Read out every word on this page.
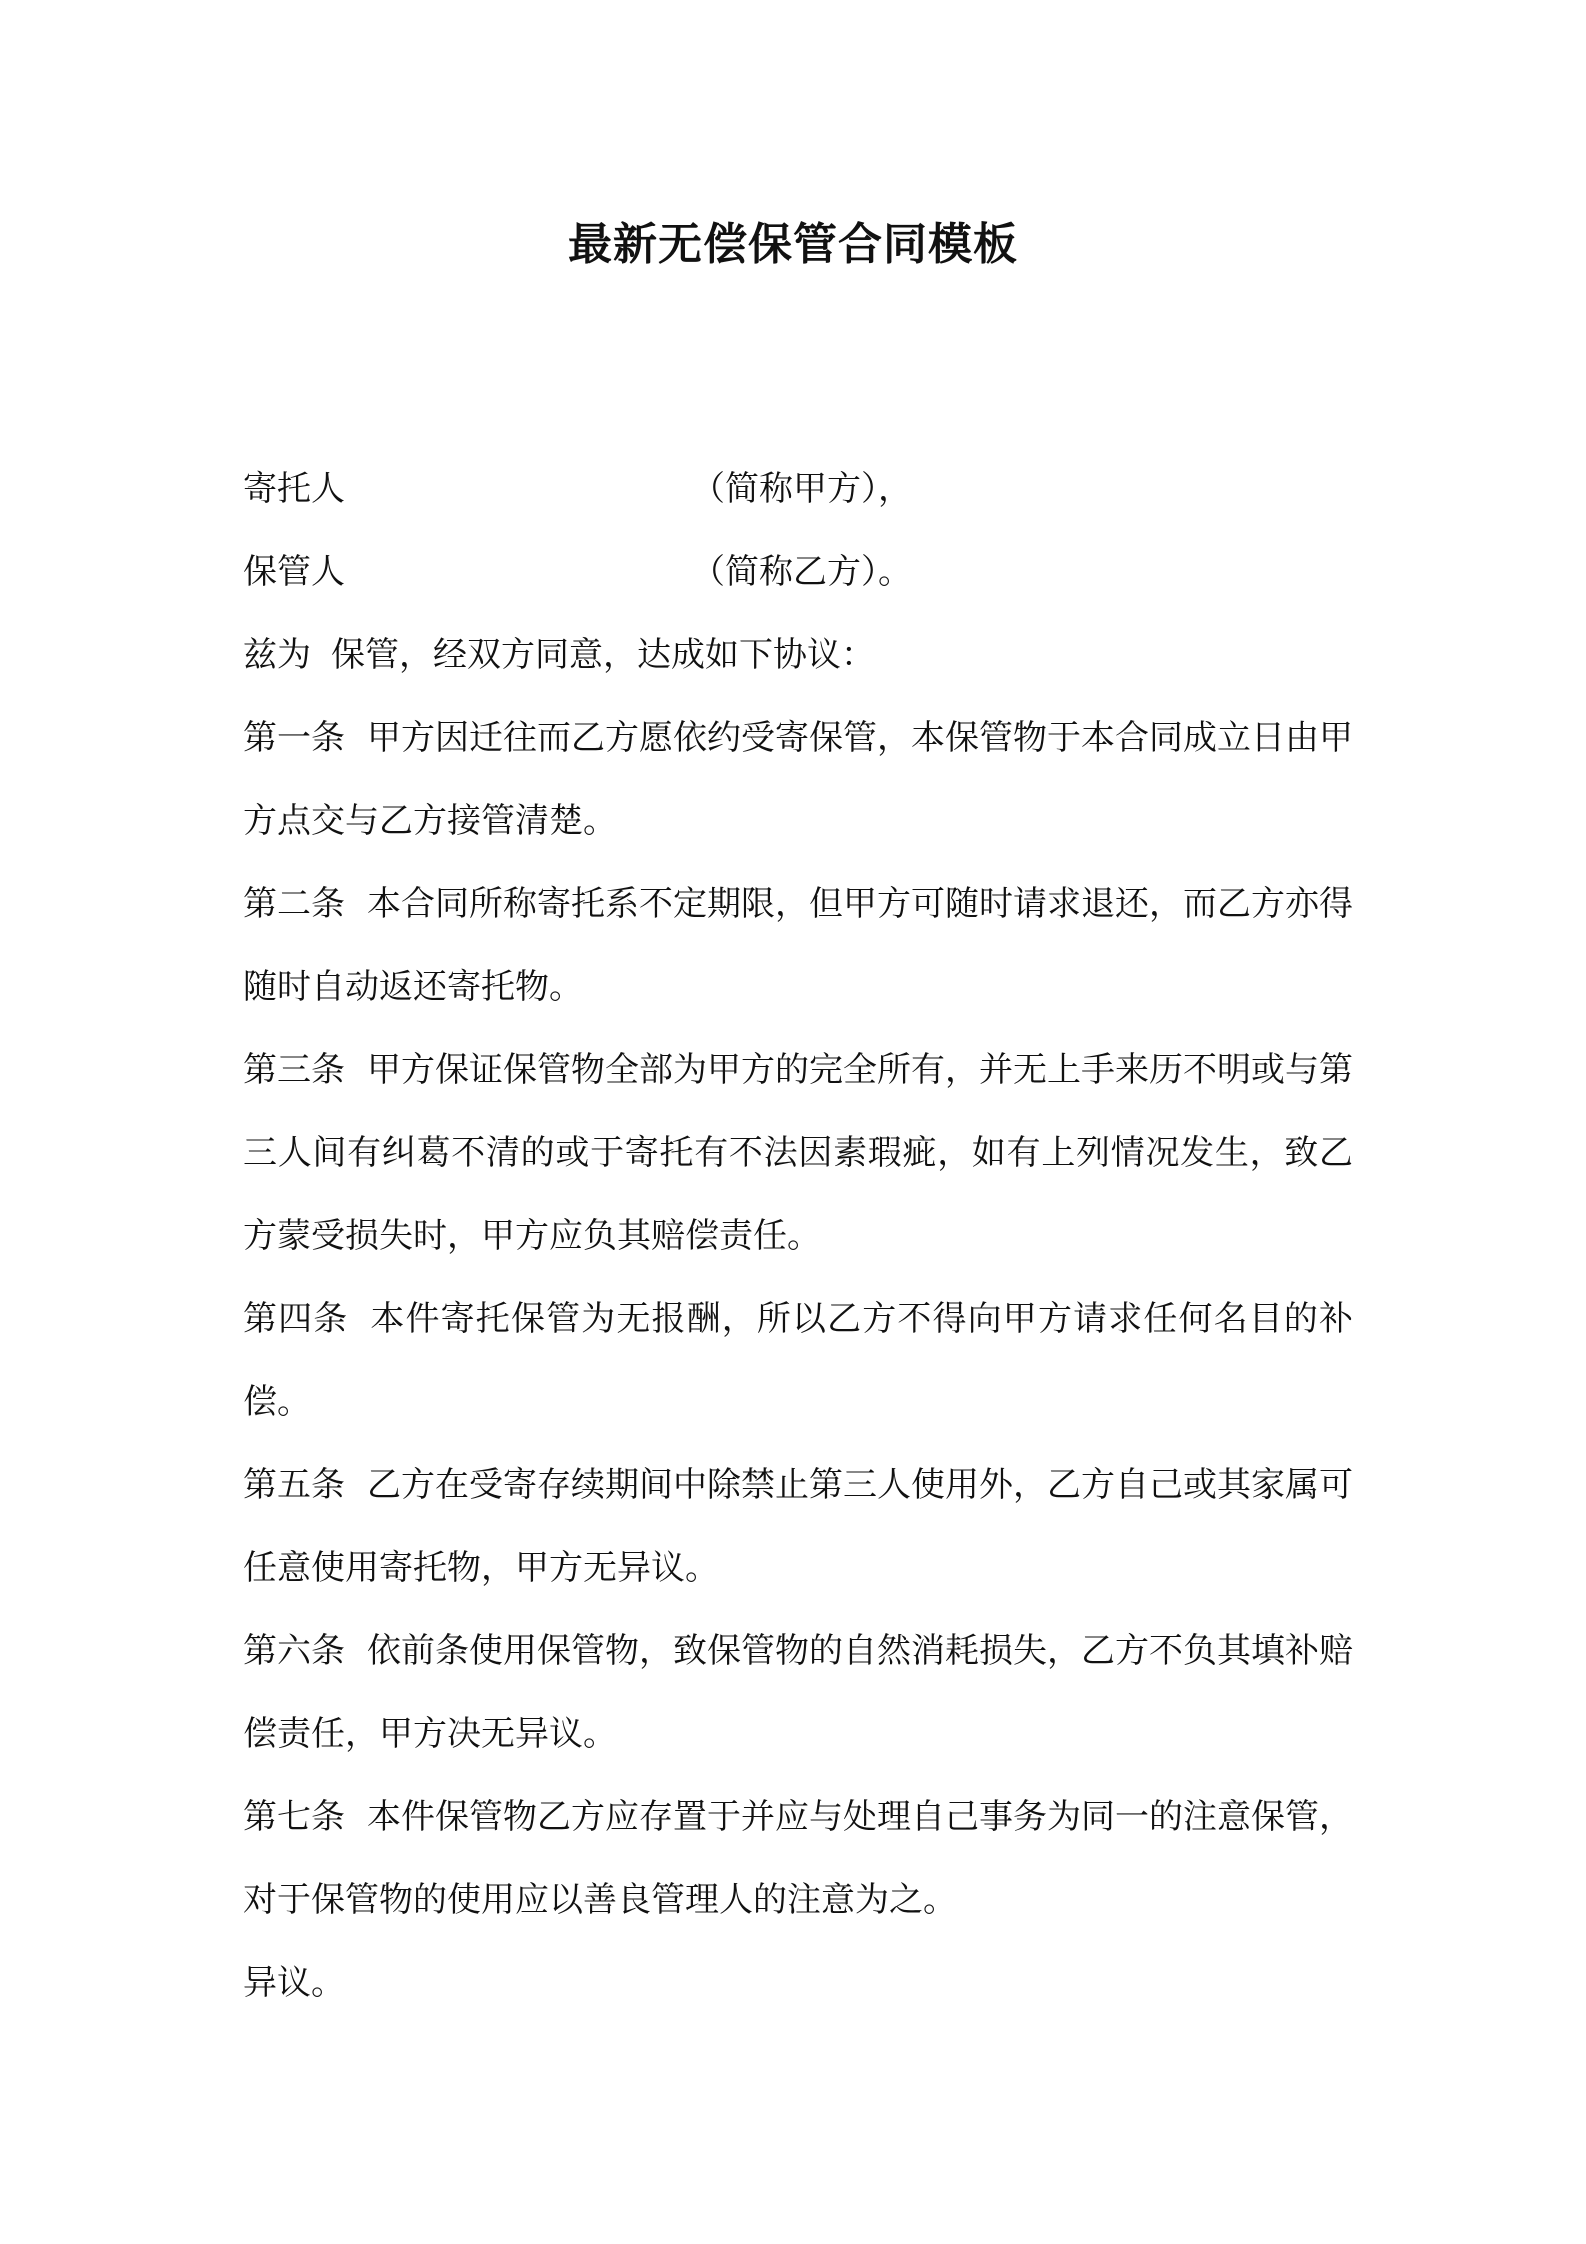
最新无偿保管合同模板
寄托人	（简称甲方），
保管人	（简称乙方）。
兹为 保管，经双方同意，达成如下协议：

第一条 甲方因迁往而乙方愿依约受寄保管，本保管物于本合同成立日由甲方点交与乙方接管清楚。

第二条 本合同所称寄托系不定期限，但甲方可随时请求退还，而乙方亦得随时自动返还寄托物。

第三条 甲方保证保管物全部为甲方的完全所有，并无上手来历不明或与第三人间有纠葛不清的或于寄托有不法因素瑕疵，如有上列情况发生，致乙方蒙受损失时，甲方应负其赔偿责任。

第四条 本件寄托保管为无报酬，所以乙方不得向甲方请求任何名目的补偿。

第五条 乙方在受寄存续期间中除禁止第三人使用外，乙方自己或其家属可任意使用寄托物，甲方无异议。

第六条 依前条使用保管物，致保管物的自然消耗损失，乙方不负其填补赔偿责任，甲方决无异议。

第七条 本件保管物乙方应存置于并应与处理自己事务为同一的注意保管，对于保管物的使用应以善良管理人的注意为之。

异议。
